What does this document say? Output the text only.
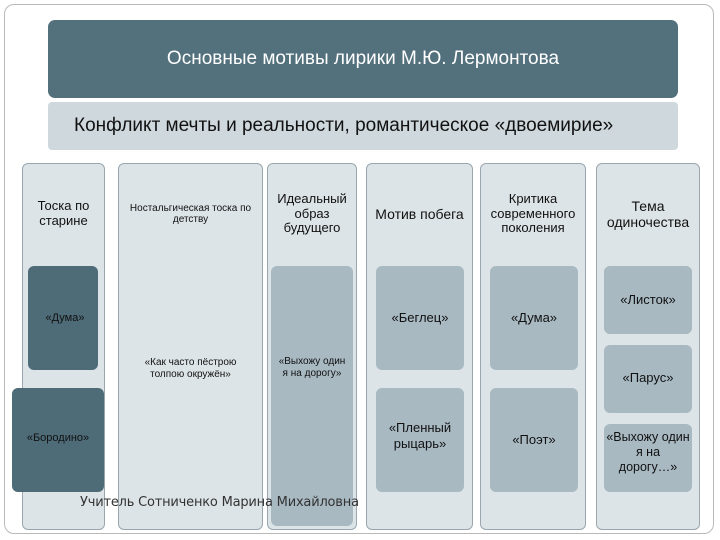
Основные мотивы лирики М.Ю. Лермонтова
Конфликт мечты и реальности, романтическое «двоемирие»
Тоска по старине
«Дума»
«Бородино»
Ностальгическая тоска по детству
«Как часто пёстрою толпою окружён»
Идеальный образ будущего
«Выхожу один я на дорогу»
Мотив побега
«Беглец»
«Пленный рыцарь»
Критика современного поколения
«Дума»
«Поэт»
Тема одиночества
«Листок»
«Парус»
«Выхожу один я на дорогу…»
Учитель Сотниченко Марина Михайловна
